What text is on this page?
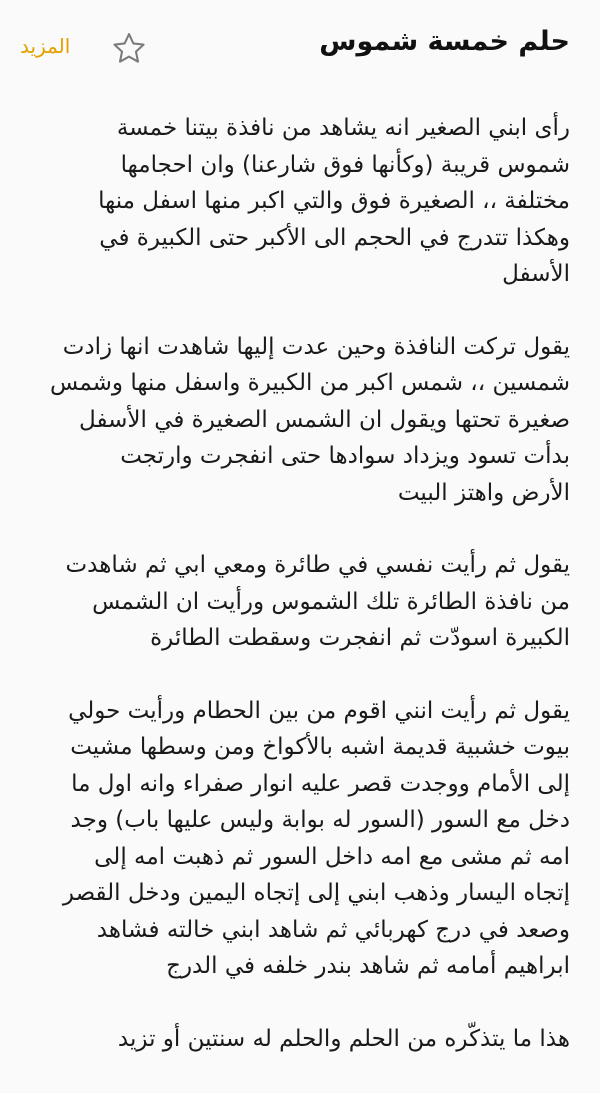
حلم خمسة شموس
المزيد

رأى ابني الصغير انه يشاهد من نافذة بيتنا خمسة
شموس قريبة (وكأنها فوق شارعنا) وان احجامها
مختلفة ،، الصغيرة فوق والتي اكبر منها اسفل منها
وهكذا تتدرج في الحجم الى الأكبر حتى الكبيرة في
الأسفل

يقول تركت النافذة وحين عدت إليها شاهدت انها زادت
شمسين ،، شمس اكبر من الكبيرة واسفل منها وشمس
صغيرة تحتها ويقول ان الشمس الصغيرة في الأسفل
بدأت تسود ويزداد سوادها حتى انفجرت وارتجت
الأرض واهتز البيت

يقول ثم رأيت نفسي في طائرة ومعي ابي ثم شاهدت
من نافذة الطائرة تلك الشموس ورأيت ان الشمس
الكبيرة اسودّت ثم انفجرت وسقطت الطائرة

يقول ثم رأيت انني اقوم من بين الحطام ورأيت حولي
بيوت خشبية قديمة اشبه بالأكواخ ومن وسطها مشيت
إلى الأمام ووجدت قصر عليه انوار صفراء وانه اول ما
دخل مع السور (السور له بوابة وليس عليها باب) وجد
امه ثم مشى مع امه داخل السور ثم ذهبت امه إلى
إتجاه اليسار وذهب ابني إلى إتجاه اليمين ودخل القصر
وصعد في درج كهربائي ثم شاهد ابني خالته فشاهد
ابراهيم أمامه ثم شاهد بندر خلفه في الدرج

هذا ما يتذكّره من الحلم والحلم له سنتين أو تزيد
